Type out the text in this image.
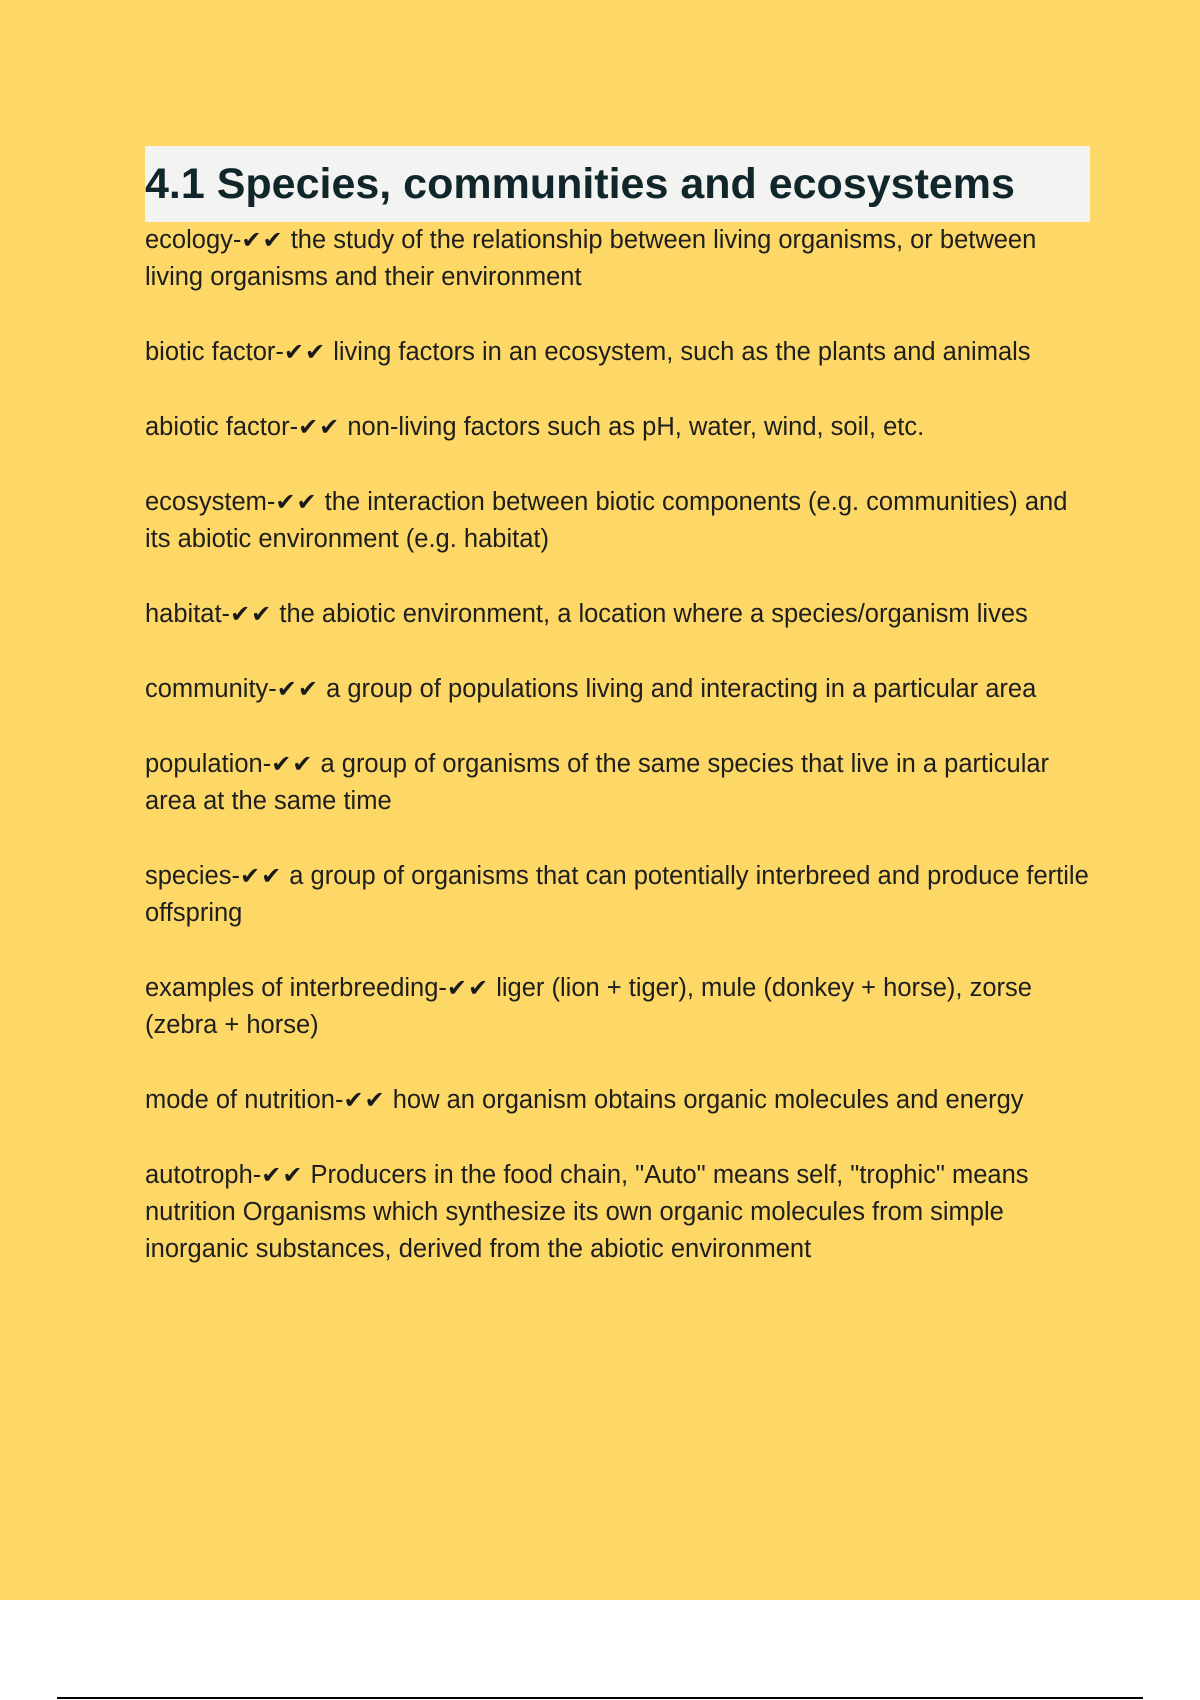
4.1 Species, communities and ecosystems
ecology-✔✔ the study of the relationship between living organisms, or between living organisms and their environment
biotic factor-✔✔ living factors in an ecosystem, such as the plants and animals
abiotic factor-✔✔ non-living factors such as pH, water, wind, soil, etc.
ecosystem-✔✔ the interaction between biotic components (e.g. communities) and its abiotic environment (e.g. habitat)
habitat-✔✔ the abiotic environment, a location where a species/organism lives
community-✔✔ a group of populations living and interacting in a particular area
population-✔✔ a group of organisms of the same species that live in a particular area at the same time
species-✔✔ a group of organisms that can potentially interbreed and produce fertile offspring
examples of interbreeding-✔✔ liger (lion + tiger), mule (donkey + horse), zorse (zebra + horse)
mode of nutrition-✔✔ how an organism obtains organic molecules and energy
autotroph-✔✔ Producers in the food chain, "Auto" means self, "trophic" means nutrition Organisms which synthesize its own organic molecules from simple inorganic substances, derived from the abiotic environment
